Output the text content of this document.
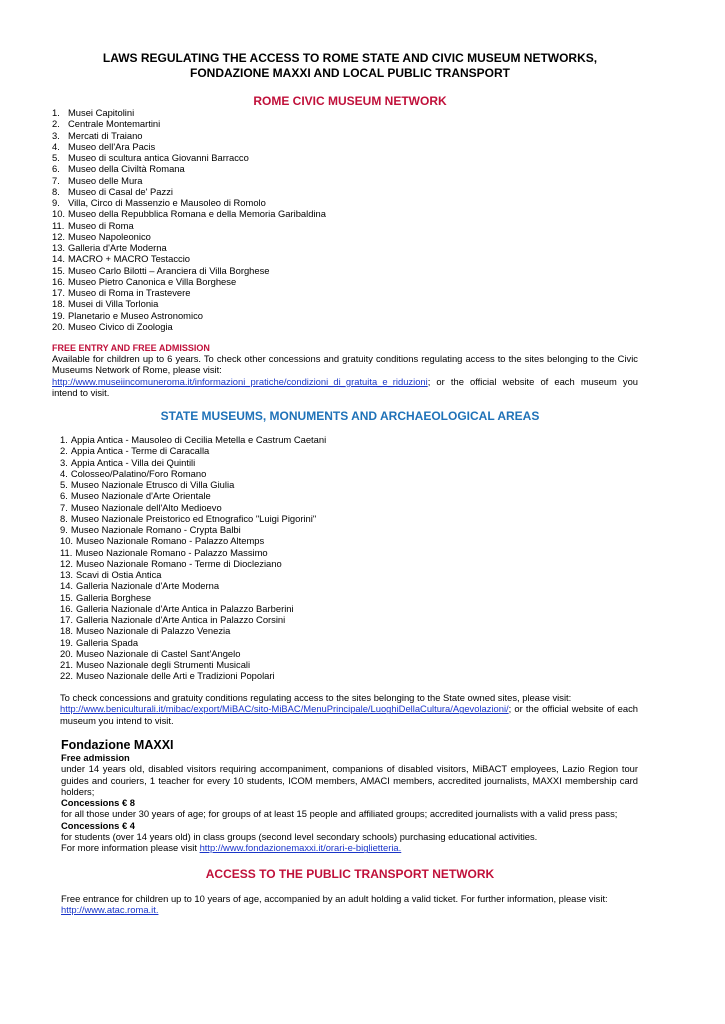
LAWS REGULATING THE ACCESS TO ROME STATE AND CIVIC MUSEUM NETWORKS,
FONDAZIONE MAXXI AND LOCAL PUBLIC TRANSPORT
ROME CIVIC MUSEUM NETWORK
1. Musei Capitolini
2. Centrale Montemartini
3. Mercati di Traiano
4. Museo dell'Ara Pacis
5. Museo di scultura antica Giovanni Barracco
6. Museo della Civiltà Romana
7. Museo delle Mura
8. Museo di Casal de' Pazzi
9. Villa, Circo di Massenzio e Mausoleo di Romolo
10. Museo della Repubblica Romana e della Memoria Garibaldina
11. Museo di Roma
12. Museo Napoleonico
13. Galleria d'Arte Moderna
14. MACRO + MACRO Testaccio
15. Museo Carlo Bilotti – Aranciera di Villa Borghese
16. Museo Pietro Canonica e Villa Borghese
17. Museo di Roma in Trastevere
18. Musei di Villa Torlonia
19. Planetario e Museo Astronomico
20. Museo Civico di Zoologia
FREE ENTRY AND FREE ADMISSION
Available for children up to 6 years. To check other concessions and gratuity conditions regulating access to the sites belonging to the Civic Museums Network of Rome, please visit:
http://www.museiincomuneroma.it/informazioni_pratiche/condizioni_di_gratuita_e_riduzioni; or the official website of each museum you intend to visit.
STATE MUSEUMS, MONUMENTS AND ARCHAEOLOGICAL AREAS
1. Appia Antica - Mausoleo di Cecilia Metella e Castrum Caetani
2. Appia Antica - Terme di Caracalla
3. Appia Antica - Villa dei Quintili
4. Colosseo/Palatino/Foro Romano
5. Museo Nazionale Etrusco di Villa Giulia
6. Museo Nazionale d'Arte Orientale
7. Museo Nazionale dell'Alto Medioevo
8. Museo Nazionale Preistorico ed Etnografico "Luigi Pigorini"
9. Museo Nazionale Romano - Crypta Balbi
10. Museo Nazionale Romano - Palazzo Altemps
11. Museo Nazionale Romano - Palazzo Massimo
12. Museo Nazionale Romano - Terme di Diocleziano
13. Scavi di Ostia Antica
14. Galleria Nazionale d'Arte Moderna
15. Galleria Borghese
16. Galleria Nazionale d'Arte Antica in Palazzo Barberini
17. Galleria Nazionale d'Arte Antica in Palazzo Corsini
18. Museo Nazionale di Palazzo Venezia
19. Galleria Spada
20. Museo Nazionale di Castel Sant'Angelo
21. Museo Nazionale degli Strumenti Musicali
22. Museo Nazionale delle Arti e Tradizioni Popolari
To check concessions and gratuity conditions regulating access to the sites belonging to the State owned sites, please visit:
http://www.beniculturali.it/mibac/export/MiBAC/sito-MiBAC/MenuPrincipale/LuoghiDellaCultura/Agevolazioni/; or the official website of each museum you intend to visit.
Fondazione MAXXI
Free admission
under 14 years old, disabled visitors requiring accompaniment, companions of disabled visitors, MiBACT employees, Lazio Region tour guides and couriers, 1 teacher for every 10 students, ICOM members, AMACI members, accredited journalists, MAXXI membership card holders;
Concessions € 8
for all those under 30 years of age; for groups of at least 15 people and affiliated groups; accredited journalists with a valid press pass;
Concessions € 4
for students (over 14 years old) in class groups (second level secondary schools) purchasing educational activities.
For more information please visit http://www.fondazionemaxxi.it/orari-e-biglietteria.
ACCESS TO THE PUBLIC TRANSPORT NETWORK
Free entrance for children up to 10 years of age, accompanied by an adult holding a valid ticket. For further information, please visit:
http://www.atac.roma.it.
